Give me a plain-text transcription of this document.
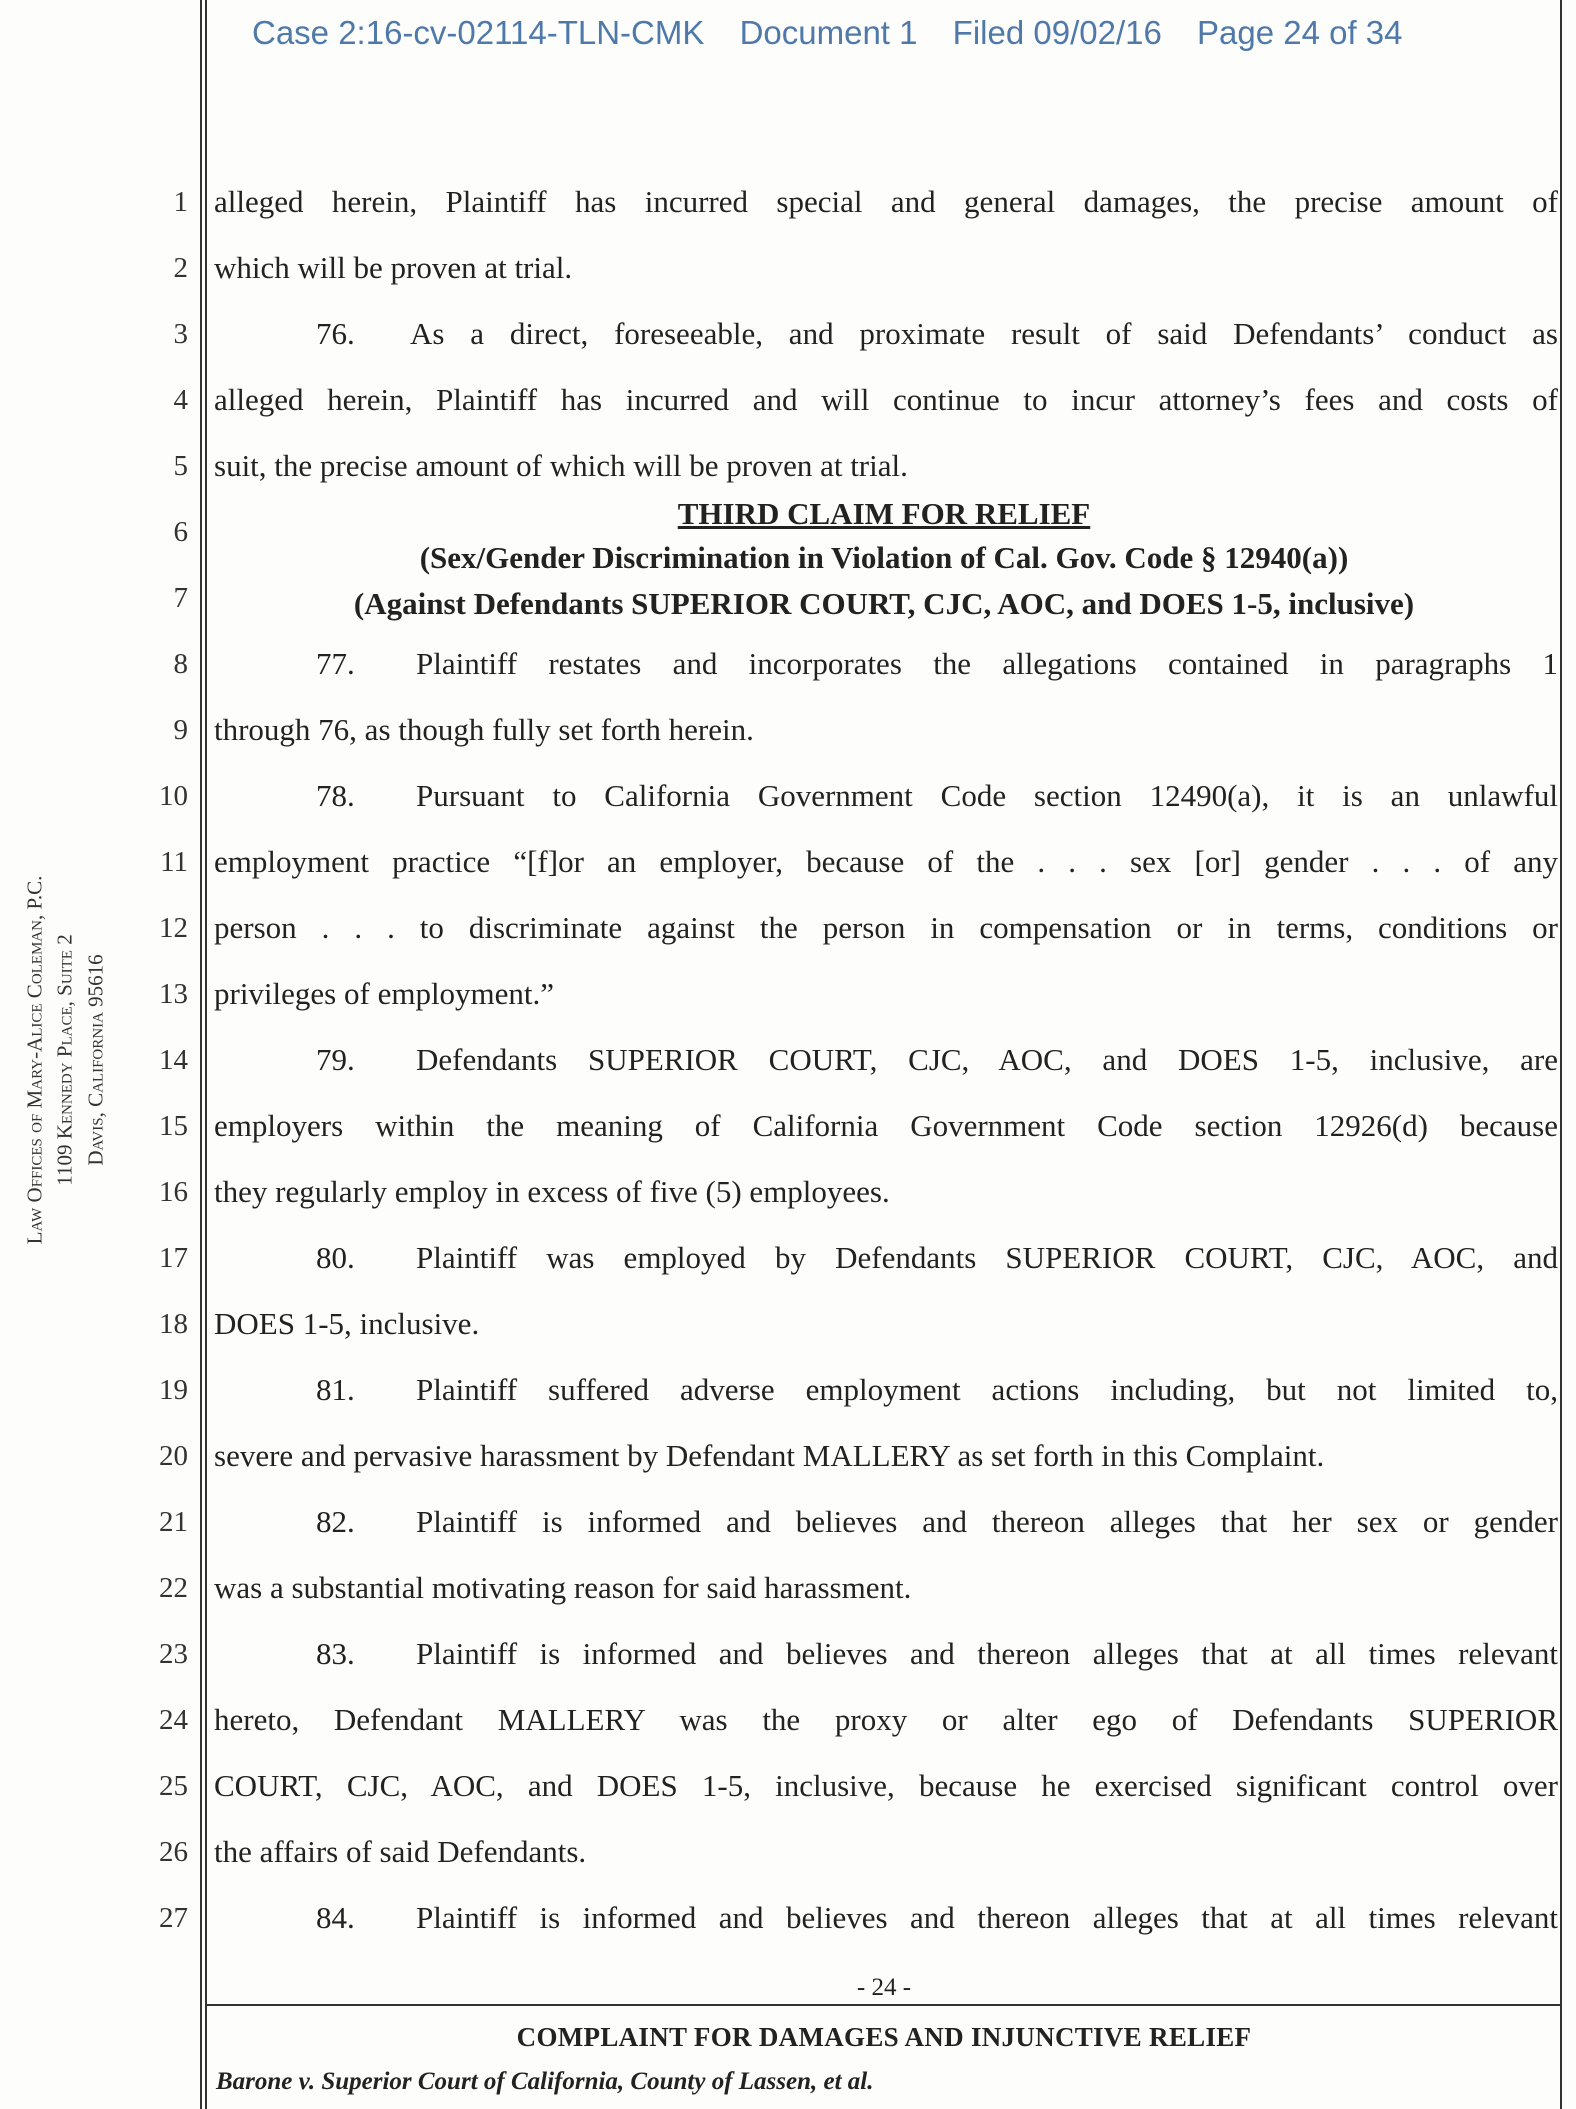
Case 2:16-cv-02114-TLN-CMK Document 1 Filed 09/02/16 Page 24 of 34
Law Offices of Mary-Alice Coleman, P.C. 1109 Kennedy Place, Suite 2 Davis, California 95616
1
2
3
4
5
6
7
8
9
10
11
12
13
14
15
16
17
18
19
20
21
22
23
24
25
26
27
alleged herein, Plaintiff has incurred special and general damages, the precise amount of
which will be proven at trial.
76.	As a direct, foreseeable, and proximate result of said Defendants’ conduct as
alleged herein, Plaintiff has incurred and will continue to incur attorney’s fees and costs of
suit, the precise amount of which will be proven at trial.
THIRD CLAIM FOR RELIEF
(Sex/Gender Discrimination in Violation of Cal. Gov. Code § 12940(a))
(Against Defendants SUPERIOR COURT, CJC, AOC, and DOES 1-5, inclusive)
77.	Plaintiff restates and incorporates the allegations contained in paragraphs 1
through 76, as though fully set forth herein.
78.	Pursuant to California Government Code section 12490(a), it is an unlawful
employment practice “[f]or an employer, because of the . . . sex [or] gender . . . of any
person . . . to discriminate against the person in compensation or in terms, conditions or
privileges of employment.”
79.	Defendants SUPERIOR COURT, CJC, AOC, and DOES 1-5, inclusive, are
employers within the meaning of California Government Code section 12926(d) because
they regularly employ in excess of five (5) employees.
80.	Plaintiff was employed by Defendants SUPERIOR COURT, CJC, AOC, and
DOES 1-5, inclusive.
81.	Plaintiff suffered adverse employment actions including, but not limited to,
severe and pervasive harassment by Defendant MALLERY as set forth in this Complaint.
82.	Plaintiff is informed and believes and thereon alleges that her sex or gender
was a substantial motivating reason for said harassment.
83.	Plaintiff is informed and believes and thereon alleges that at all times relevant
hereto, Defendant MALLERY was the proxy or alter ego of Defendants SUPERIOR
COURT, CJC, AOC, and DOES 1-5, inclusive, because he exercised significant control over
the affairs of said Defendants.
84.	Plaintiff is informed and believes and thereon alleges that at all times relevant
- 24 -
COMPLAINT FOR DAMAGES AND INJUNCTIVE RELIEF
Barone v. Superior Court of California, County of Lassen, et al.
